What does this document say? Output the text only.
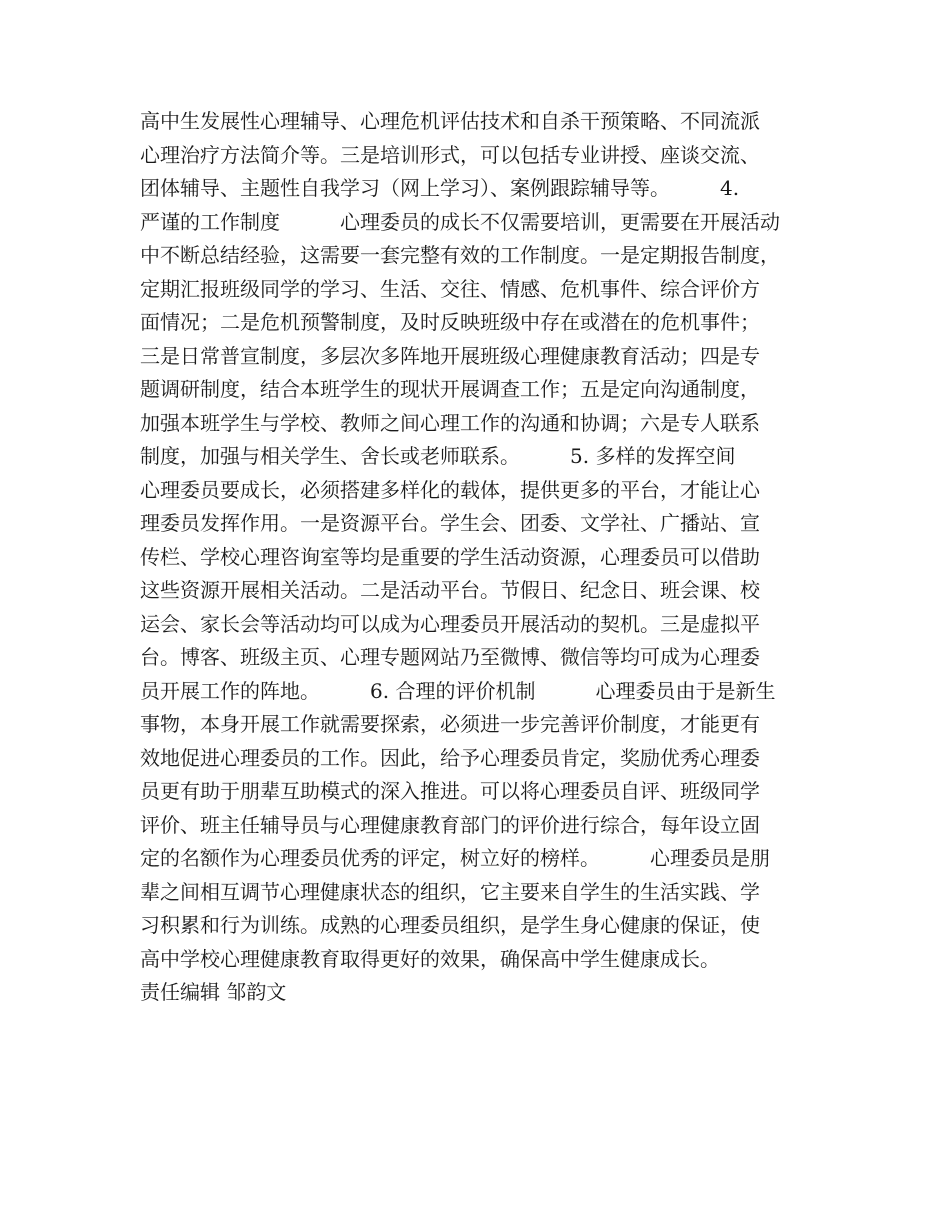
高中生发展性心理辅导、心理危机评估技术和自杀干预策略、不同流派
心理治疗方法简介等。三是培训形式，可以包括专业讲授、座谈交流、
团体辅导、主题性自我学习（网上学习）、案例跟踪辅导等。　　　4.
严谨的工作制度　　　心理委员的成长不仅需要培训，更需要在开展活动
中不断总结经验，这需要一套完整有效的工作制度。一是定期报告制度，
定期汇报班级同学的学习、生活、交往、情感、危机事件、综合评价方
面情况；二是危机预警制度，及时反映班级中存在或潜在的危机事件；
三是日常普宣制度，多层次多阵地开展班级心理健康教育活动；四是专
题调研制度，结合本班学生的现状开展调查工作；五是定向沟通制度，
加强本班学生与学校、教师之间心理工作的沟通和协调；六是专人联系
制度，加强与相关学生、舍长或老师联系。　　　5. 多样的发挥空间
心理委员要成长，必须搭建多样化的载体，提供更多的平台，才能让心
理委员发挥作用。一是资源平台。学生会、团委、文学社、广播站、宣
传栏、学校心理咨询室等均是重要的学生活动资源，心理委员可以借助
这些资源开展相关活动。二是活动平台。节假日、纪念日、班会课、校
运会、家长会等活动均可以成为心理委员开展活动的契机。三是虚拟平
台。博客、班级主页、心理专题网站乃至微博、微信等均可成为心理委
员开展工作的阵地。　　　6. 合理的评价机制　　　心理委员由于是新生
事物，本身开展工作就需要探索，必须进一步完善评价制度，才能更有
效地促进心理委员的工作。因此，给予心理委员肯定，奖励优秀心理委
员更有助于朋辈互助模式的深入推进。可以将心理委员自评、班级同学
评价、班主任辅导员与心理健康教育部门的评价进行综合，每年设立固
定的名额作为心理委员优秀的评定，树立好的榜样。　　　心理委员是朋
辈之间相互调节心理健康状态的组织，它主要来自学生的生活实践、学
习积累和行为训练。成熟的心理委员组织，是学生身心健康的保证，使
高中学校心理健康教育取得更好的效果，确保高中学生健康成长。
责任编辑 邹韵文
